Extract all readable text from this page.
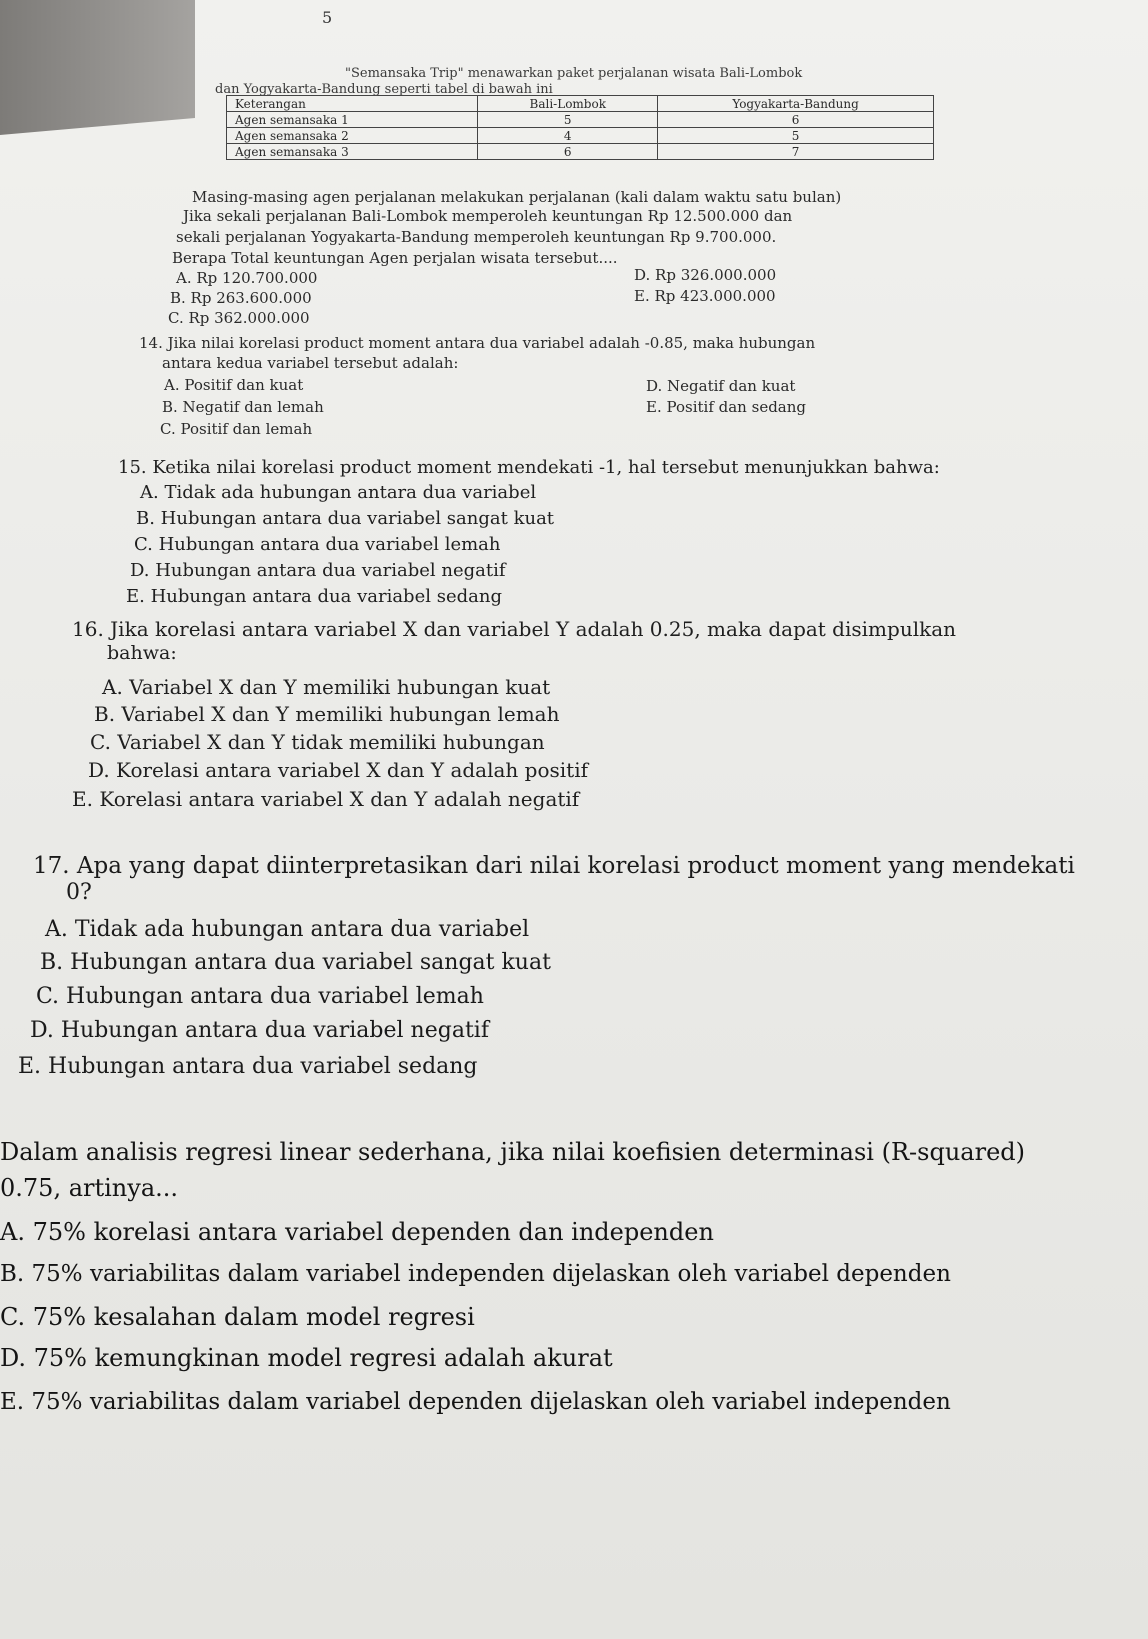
5
"Semansaka Trip" menawarkan paket perjalanan wisata Bali-Lombok
dan Yogyakarta-Bandung seperti tabel di bawah ini
Keterangan	Bali-Lombok	Yogyakarta-Bandung
Agen semansaka 1	5	6
Agen semansaka 2	4	5
Agen semansaka 3	6	7
Masing-masing agen perjalanan melakukan perjalanan (kali dalam waktu satu bulan)
Jika sekali perjalanan Bali-Lombok memperoleh keuntungan Rp 12.500.000 dan
sekali perjalanan Yogyakarta-Bandung memperoleh keuntungan Rp 9.700.000.
Berapa Total keuntungan Agen perjalan wisata tersebut....
A. Rp 120.700.000
B. Rp 263.600.000
C. Rp 362.000.000
D. Rp 326.000.000
E. Rp 423.000.000
14. Jika nilai korelasi product moment antara dua variabel adalah -0.85, maka hubungan
antara kedua variabel tersebut adalah:
A. Positif dan kuat
B. Negatif dan lemah
C. Positif dan lemah
D. Negatif dan kuat
E. Positif dan sedang
15. Ketika nilai korelasi product moment mendekati -1, hal tersebut menunjukkan bahwa:
A. Tidak ada hubungan antara dua variabel
B. Hubungan antara dua variabel sangat kuat
C. Hubungan antara dua variabel lemah
D. Hubungan antara dua variabel negatif
E. Hubungan antara dua variabel sedang
16. Jika korelasi antara variabel X dan variabel Y adalah 0.25, maka dapat disimpulkan
bahwa:
A. Variabel X dan Y memiliki hubungan kuat
B. Variabel X dan Y memiliki hubungan lemah
C. Variabel X dan Y tidak memiliki hubungan
D. Korelasi antara variabel X dan Y adalah positif
E. Korelasi antara variabel X dan Y adalah negatif
17. Apa yang dapat diinterpretasikan dari nilai korelasi product moment yang mendekati
0?
A. Tidak ada hubungan antara dua variabel
B. Hubungan antara dua variabel sangat kuat
C. Hubungan antara dua variabel lemah
D. Hubungan antara dua variabel negatif
E. Hubungan antara dua variabel sedang
Dalam analisis regresi linear sederhana, jika nilai koefisien determinasi (R-squared)
0.75, artinya...
A. 75% korelasi antara variabel dependen dan independen
B. 75% variabilitas dalam variabel independen dijelaskan oleh variabel dependen
C. 75% kesalahan dalam model regresi
D. 75% kemungkinan model regresi adalah akurat
E. 75% variabilitas dalam variabel dependen dijelaskan oleh variabel independen
